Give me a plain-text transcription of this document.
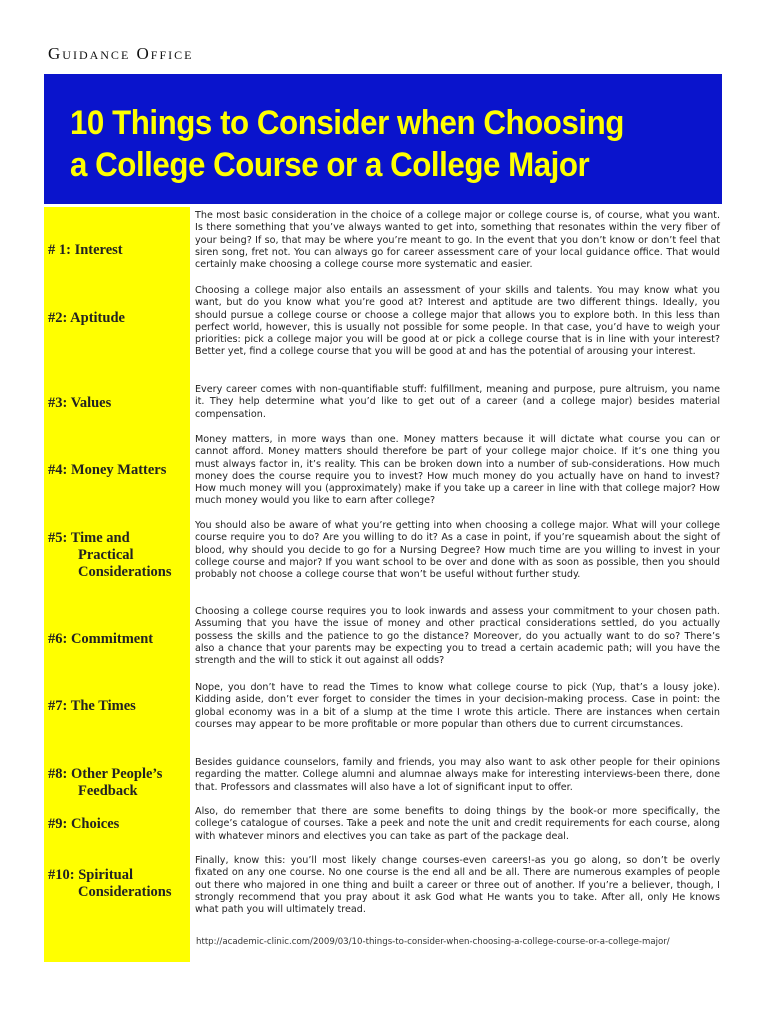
Guidance Office
10 Things to Consider when Choosing
a College Course or a College Major
# 1: Interest
The most basic consideration in the choice of a college major or college course is, of course, what you want. Is there something that you’ve always wanted to get into, something that resonates within the very fiber of your being? If so, that may be where you’re meant to go. In the event that you don’t know or don’t feel that siren song, fret not. You can always go for career assessment care of your local guidance office. That would certainly make choosing a college course more systematic and easier.
#2: Aptitude
Choosing a college major also entails an assessment of your skills and talents. You may know what you want, but do you know what you’re good at? Interest and aptitude are two different things. Ideally, you should pursue a college course or choose a college major that allows you to explore both. In this less than perfect world, however, this is usually not possible for some people. In that case, you’d have to weigh your priorities: pick a college major you will be good at or pick a college course that is in line with your interest? Better yet, find a college course that you will be good at and has the potential of arousing your interest.
#3: Values
Every career comes with non-quantifiable stuff: fulfillment, meaning and purpose, pure altruism, you name it. They help determine what you’d like to get out of a career (and a college major) besides material compensation.
#4: Money Matters
Money matters, in more ways than one. Money matters because it will dictate what course you can or cannot afford. Money matters should therefore be part of your college major choice. If it’s one thing you must always factor in, it’s reality. This can be broken down into a number of sub-considerations. How much money does the course require you to invest? How much money do you actually have on hand to invest? How much money will you (approximately) make if you take up a career in line with that college major? How much money would you like to earn after college?
#5: Time and
Practical
Considerations
You should also be aware of what you’re getting into when choosing a college major. What will your college course require you to do? Are you willing to do it? As a case in point, if you’re squeamish about the sight of blood, why should you decide to go for a Nursing Degree? How much time are you willing to invest in your college course and major? If you want school to be over and done with as soon as possible, then you should probably not choose a college course that won’t be useful without further study.
#6: Commitment
Choosing a college course requires you to look inwards and assess your commitment to your chosen path. Assuming that you have the issue of money and other practical considerations settled, do you actually possess the skills and the patience to go the distance? Moreover, do you actually want to do so? There’s also a chance that your parents may be expecting you to tread a certain academic path; will you have the strength and the will to stick it out against all odds?
#7: The Times
Nope, you don’t have to read the Times to know what college course to pick (Yup, that’s a lousy joke). Kidding aside, don’t ever forget to consider the times in your decision-making process. Case in point: the global economy was in a bit of a slump at the time I wrote this article. There are instances when certain courses may appear to be more profitable or more popular than others due to current circumstances.
#8: Other People’s
Feedback
Besides guidance counselors, family and friends, you may also want to ask other people for their opinions regarding the matter. College alumni and alumnae always make for interesting interviews-been there, done that. Professors and classmates will also have a lot of significant input to offer.
#9: Choices
Also, do remember that there are some benefits to doing things by the book-or more specifically, the college’s catalogue of courses. Take a peek and note the unit and credit requirements for each course, along with whatever minors and electives you can take as part of the package deal.
#10: Spiritual
Considerations
Finally, know this: you’ll most likely change courses-even careers!-as you go along, so don’t be overly fixated on any one course. No one course is the end all and be all. There are numerous examples of people out there who majored in one thing and built a career or three out of another. If you’re a believer, though, I strongly recommend that you pray about it ask God what He wants you to take. After all, only He knows what path you will ultimately tread.
http://academic-clinic.com/2009/03/10-things-to-consider-when-choosing-a-college-course-or-a-college-major/
